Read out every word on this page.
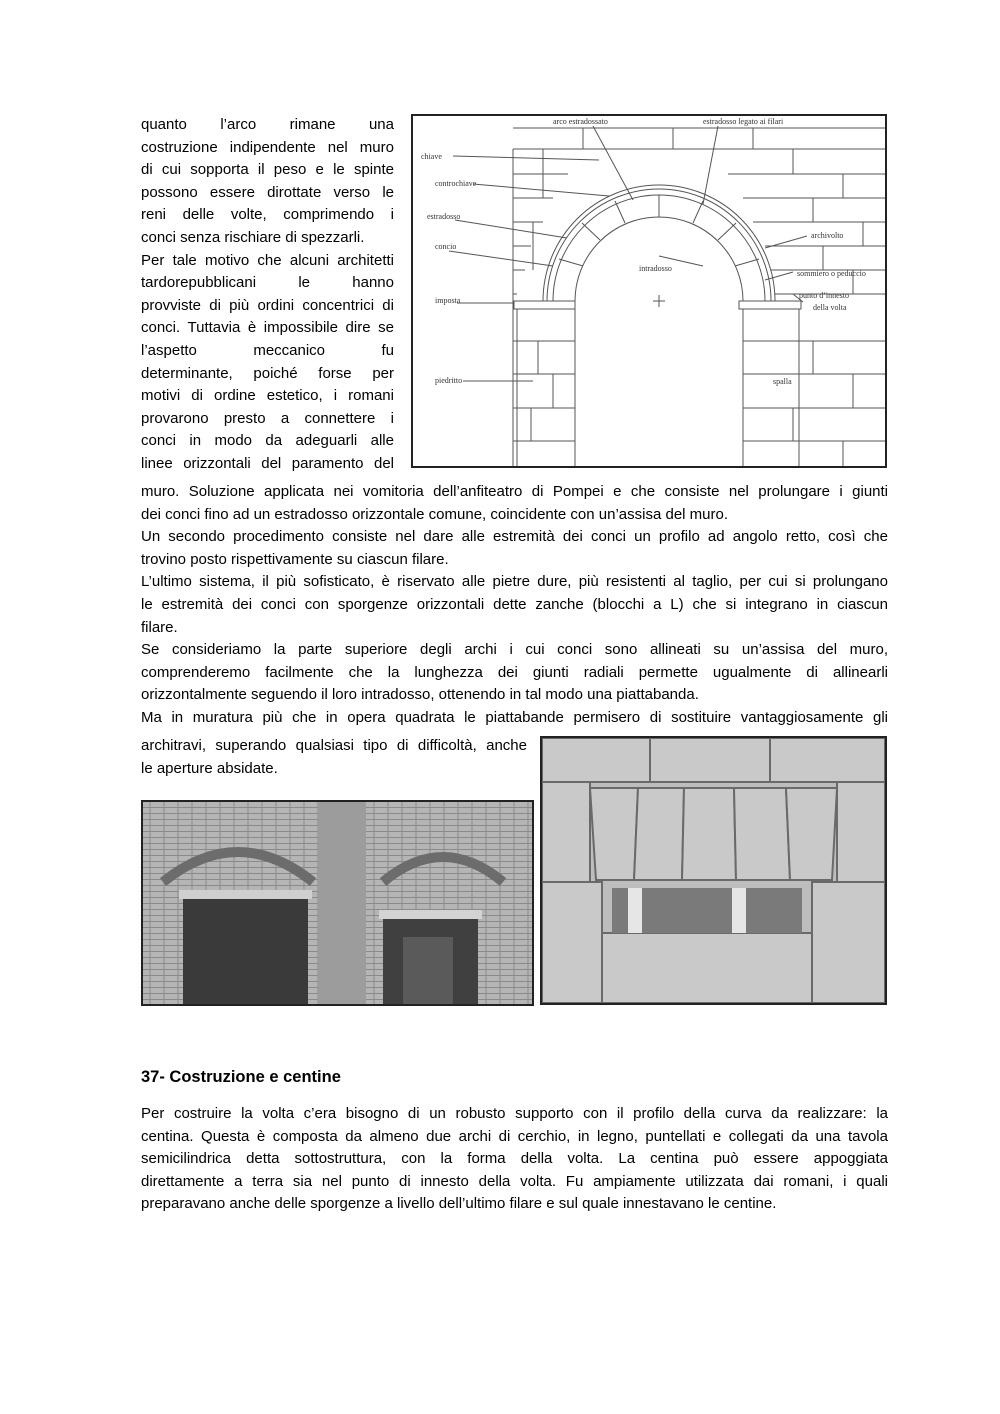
quanto l’arco rimane una
costruzione indipendente nel muro
di cui sopporta il peso e le spinte
possono essere dirottate verso le
reni delle volte, comprimendo i
conci senza rischiare di spezzarli.
Per tale motivo che alcuni architetti
tardorepubblicani le hanno
provviste di più ordini concentrici di
conci. Tuttavia è impossibile dire se
l’aspetto meccanico fu
determinante, poiché forse per
motivi di ordine estetico, i romani
provarono presto a connettere i
conci in modo da adeguarli alle
linee orizzontali del paramento del
arco estradossato	estradosso legato ai filari
chiave
controchiave
estradosso
concio
imposta
piedritto
intradosso
archivolto
sommiero o peduccio
punto d’innesto
della volta
spalla
muro. Soluzione applicata nei vomitoria dell’anfiteatro di Pompei e che consiste nel prolungare i giunti
dei conci fino ad un estradosso orizzontale comune, coincidente con un’assisa del muro.
Un secondo procedimento consiste nel dare alle estremità dei conci un profilo ad angolo retto, così che
trovino posto rispettivamente su ciascun filare.
L’ultimo sistema, il più sofisticato, è riservato alle pietre dure, più resistenti al taglio, per cui si prolungano
le estremità dei conci con sporgenze orizzontali dette zanche (blocchi a L) che si integrano in ciascun
filare.
Se consideriamo la parte superiore degli archi i cui conci sono allineati su un’assisa del muro,
comprenderemo facilmente che la lunghezza dei giunti radiali permette ugualmente di allinearli
orizzontalmente seguendo il loro intradosso, ottenendo in tal modo una piattabanda.
Ma in muratura più che in opera quadrata le piattabande permisero di sostituire vantaggiosamente gli
architravi, superando qualsiasi tipo di difficoltà, anche
le aperture absidate.
37- Costruzione e centine
Per costruire la volta c’era bisogno di un robusto supporto con il profilo della curva da realizzare: la
centina. Questa è composta da almeno due archi di cerchio, in legno, puntellati e collegati da una tavola
semicilindrica detta sottostruttura, con la forma della volta. La centina può essere appoggiata
direttamente a terra sia nel punto di innesto della volta. Fu ampiamente utilizzata dai romani, i quali
preparavano anche delle sporgenze a livello dell’ultimo filare e sul quale innestavano le centine.
